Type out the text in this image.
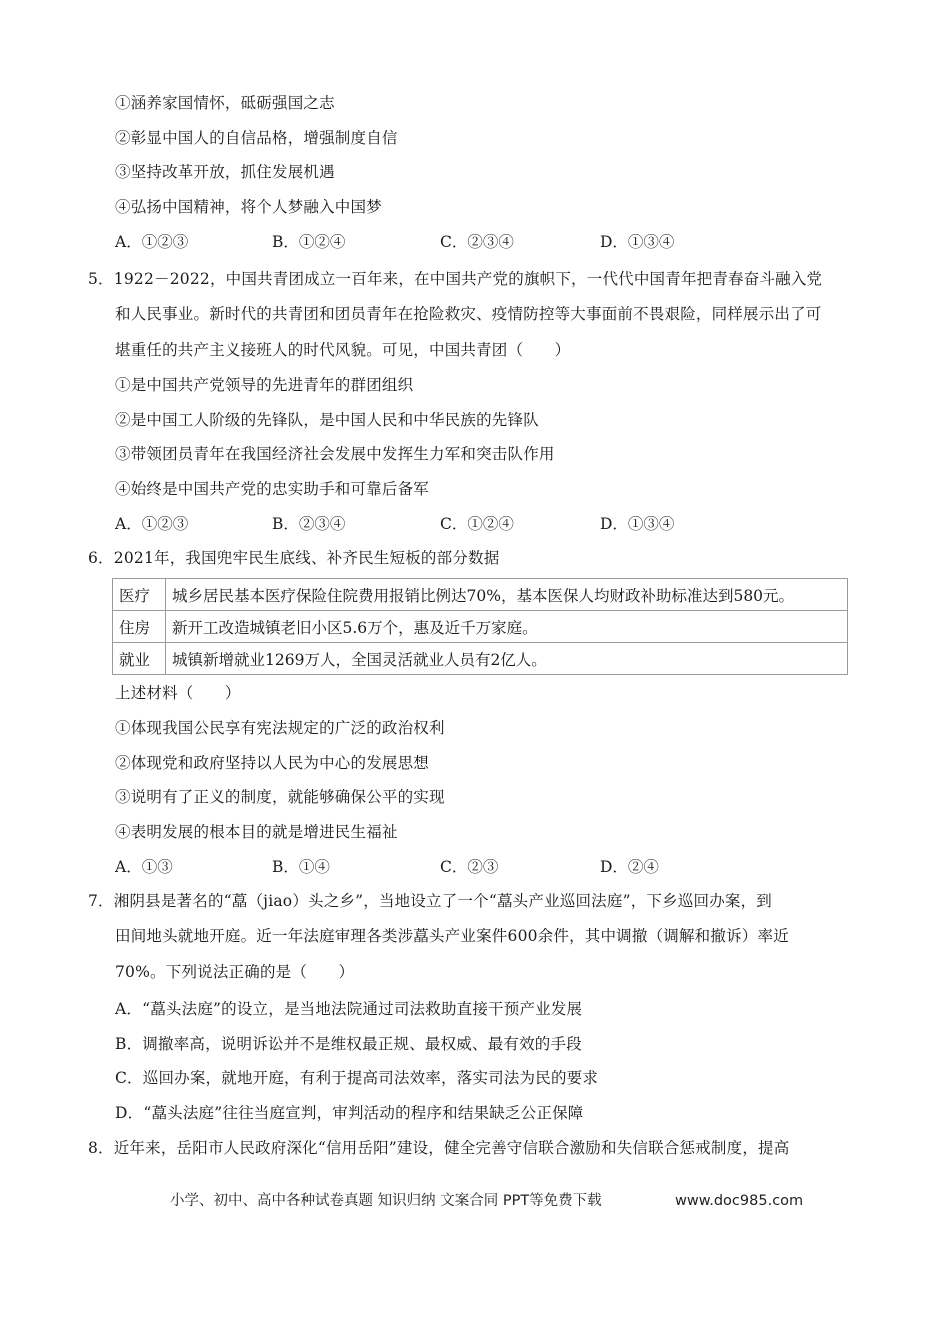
①涵养家国情怀，砥砺强国之志
②彰显中国人的自信品格，增强制度自信
③坚持改革开放，抓住发展机遇
④弘扬中国精神，将个人梦融入中国梦
A．①②③	B．①②④	C．②③④	D．①③④
5．1922－2022，中国共青团成立一百年来，在中国共产党的旗帜下，一代代中国青年把青春奋斗融入党
和人民事业。新时代的共青团和团员青年在抢险救灾、疫情防控等大事面前不畏艰险，同样展示出了可
堪重任的共产主义接班人的时代风貌。可见，中国共青团（　　）
①是中国共产党领导的先进青年的群团组织
②是中国工人阶级的先锋队，是中国人民和中华民族的先锋队
③带领团员青年在我国经济社会发展中发挥生力军和突击队作用
④始终是中国共产党的忠实助手和可靠后备军
A．①②③	B．②③④	C．①②④	D．①③④
6．2021年，我国兜牢民生底线、补齐民生短板的部分数据
医疗	城乡居民基本医疗保险住院费用报销比例达70%，基本医保人均财政补助标准达到580元。
住房	新开工改造城镇老旧小区5.6万个，惠及近千万家庭。
就业	城镇新增就业1269万人，全国灵活就业人员有2亿人。
上述材料（　　）
①体现我国公民享有宪法规定的广泛的政治权利
②体现党和政府坚持以人民为中心的发展思想
③说明有了正义的制度，就能够确保公平的实现
④表明发展的根本目的就是增进民生福祉
A．①③	B．①④	C．②③	D．②④
7．湘阴县是著名的“藠（jiao）头之乡”，当地设立了一个“藠头产业巡回法庭”，下乡巡回办案，到
田间地头就地开庭。近一年法庭审理各类涉藠头产业案件600余件，其中调撤（调解和撤诉）率近
70%。下列说法正确的是（　　）
A．“藠头法庭”的设立，是当地法院通过司法救助直接干预产业发展
B．调撤率高，说明诉讼并不是维权最正规、最权威、最有效的手段
C．巡回办案，就地开庭，有利于提高司法效率，落实司法为民的要求
D．“藠头法庭”往往当庭宣判，审判活动的程序和结果缺乏公正保障
8．近年来，岳阳市人民政府深化“信用岳阳”建设，健全完善守信联合激励和失信联合惩戒制度，提高
小学、初中、高中各种试卷真题 知识归纳 文案合同 PPT等免费下载	www.doc985.com
